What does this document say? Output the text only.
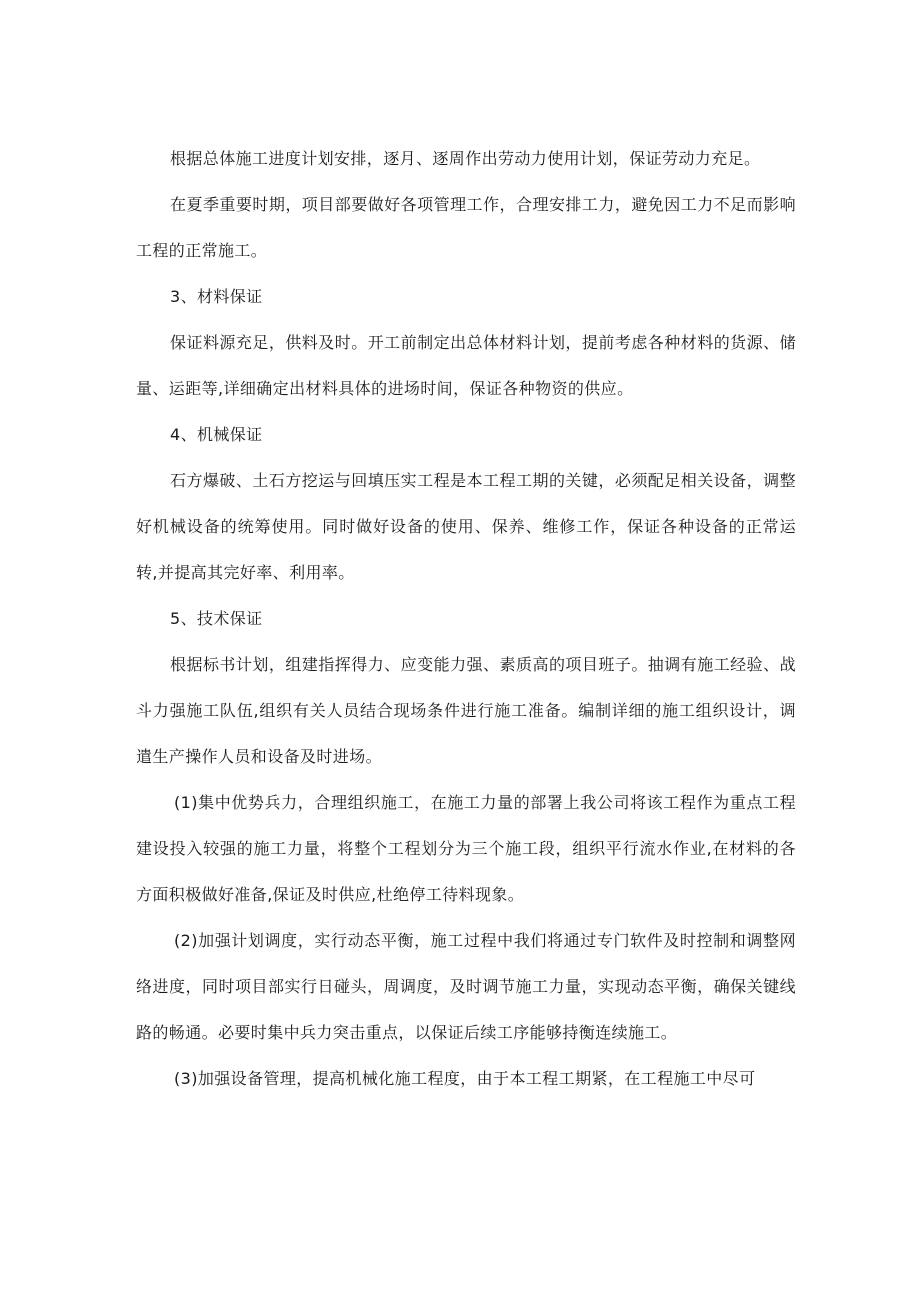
根据总体施工进度计划安排，逐月、逐周作出劳动力使用计划，保证劳动力充足。

在夏季重要时期，项目部要做好各项管理工作，合理安排工力，避免因工力不足而影响工程的正常施工。

3、材料保证

保证料源充足，供料及时。开工前制定出总体材料计划，提前考虑各种材料的货源、储量、运距等,详细确定出材料具体的进场时间，保证各种物资的供应。

4、机械保证

石方爆破、土石方挖运与回填压实工程是本工程工期的关键，必须配足相关设备，调整好机械设备的统筹使用。同时做好设备的使用、保养、维修工作，保证各种设备的正常运转,并提高其完好率、利用率。

5、技术保证

根据标书计划，组建指挥得力、应变能力强、素质高的项目班子。抽调有施工经验、战斗力强施工队伍,组织有关人员结合现场条件进行施工准备。编制详细的施工组织设计，调遣生产操作人员和设备及时进场。

(1)集中优势兵力，合理组织施工，在施工力量的部署上我公司将该工程作为重点工程建设投入较强的施工力量，将整个工程划分为三个施工段，组织平行流水作业,在材料的各方面积极做好准备,保证及时供应,杜绝停工待料现象。

(2)加强计划调度，实行动态平衡，施工过程中我们将通过专门软件及时控制和调整网络进度，同时项目部实行日碰头，周调度，及时调节施工力量，实现动态平衡，确保关键线路的畅通。必要时集中兵力突击重点，以保证后续工序能够持衡连续施工。

(3)加强设备管理，提高机械化施工程度，由于本工程工期紧，在工程施工中尽可
